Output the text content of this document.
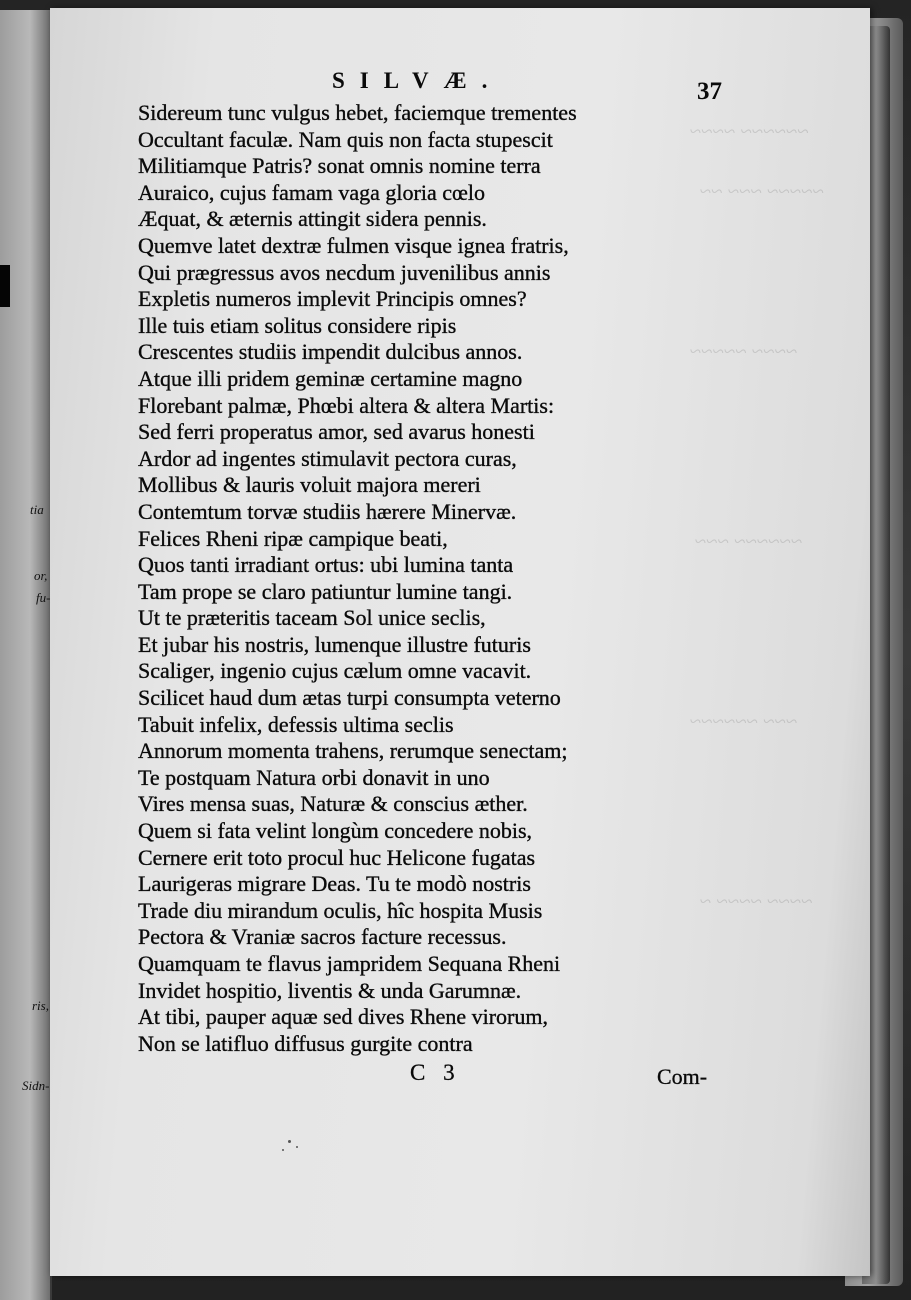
tia
or,
fu-
ris,
Sidn-
~~~~~~ ~~~~
~~~~~ ~~~ ~~
~~~~ ~~~~~
~~~~~~ ~~~
~~~ ~~~~~~
~~~~ ~~~~ ~
SILVÆ.	37
Sidereum tunc vulgus hebet, faciemque trementes
Occultant faculæ. Nam quis non facta stupescit
Militiamque Patris? sonat omnis nomine terra
Auraico, cujus famam vaga gloria cœlo
Æquat, & æternis attingit sidera pennis.
Quemve latet dextræ fulmen visque ignea fratris,
Qui prægressus avos necdum juvenilibus annis
Expletis numeros implevit Principis omnes?
Ille tuis etiam solitus considere ripis
Crescentes studiis impendit dulcibus annos.
Atque illi pridem geminæ certamine magno
Florebant palmæ, Phœbi altera & altera Martis:
Sed ferri properatus amor, sed avarus honesti
Ardor ad ingentes stimulavit pectora curas,
Mollibus & lauris voluit majora mereri
Contemtum torvæ studiis hærere Minervæ.
Felices Rheni ripæ campique beati,
Quos tanti irradiant ortus: ubi lumina tanta
Tam prope se claro patiuntur lumine tangi.
Ut te præteritis taceam Sol unice seclis,
Et jubar his nostris, lumenque illustre futuris
Scaliger, ingenio cujus cælum omne vacavit.
Scilicet haud dum ætas turpi consumpta veterno
Tabuit infelix, defessis ultima seclis
Annorum momenta trahens, rerumque senectam;
Te postquam Natura orbi donavit in uno
Vires mensa suas, Naturæ & conscius æther.
Quem si fata velint longùm concedere nobis,
Cernere erit toto procul huc Helicone fugatas
Laurigeras migrare Deas. Tu te modò nostris
Trade diu mirandum oculis, hîc hospita Musis
Pectora & Vraniæ sacros facture recessus.
Quamquam te flavus jampridem Sequana Rheni
Invidet hospitio, liventis & unda Garumnæ.
At tibi, pauper aquæ sed dives Rhene virorum,
Non se latifluo diffusus gurgite contra
C 3	Com-
